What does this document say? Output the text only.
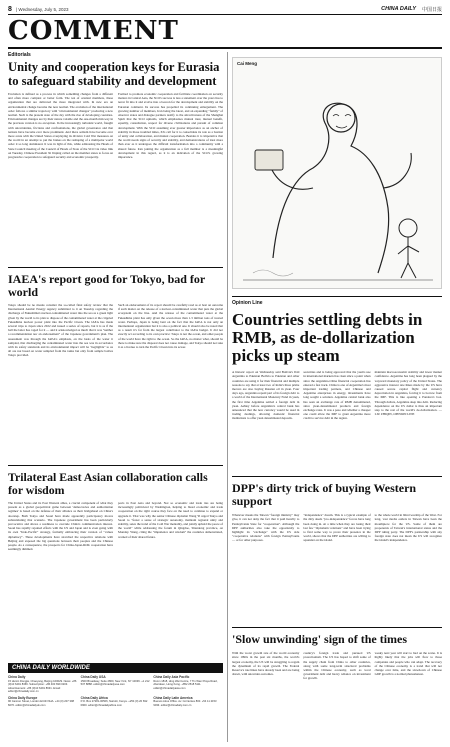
8 | Wednesday, July 5, 2023	CHINA DAILY 中国日报
COMMENT
Editorials
Unity and cooperation keys for Eurasia to safeguard stability and development
Evolution is defined as a process in which something changes from a different and often more complex or better form. The ten of oriental members, these organization that are delivered the more integrated with. In new era an environmental change become the new normal. The evolution of the international order follows a similar trajectory with "environmental changes" producing a new normal. Such is the present state of the day with the rise of developing countries. Environmental changes are by their nature volatile and the one-month mid-way in the previous version is no exception. In the increasingly turbulent world, fraught with uncertainties, frictions and confrontations, the global governance and that nations have become ever more prominent. And there seldom have become ever more acute with the United States overplaying its divisive Cold War measures on the world in an attempt to put the brakes on the reshaping of a multipolar world order it so long dominated. It was in light of this, while addressing the Heads of State Council meeting of the Council of Heads of State of the SCO via video link on Tuesday, Chinese President Xi Jinping called on the member states to focus on progressive cooperation to safeguard security and economic prosperity.
Formed to promote economic cooperation and facilitate coordination on security matters in Central Asia, the SCO's success is less a statement over the years has to never fit into it and evolve into a beacon for the development and stability on the Eurasian continent. Its success has propelled its continuing enlargement. The growing number of members, Iran being the latest, and an expanding "family" of observer states and dialogue partners testify to the attractiveness of the Shanghai Spirit that the SCO upholds, which emphasizes mutual trust, mutual benefit, equality, consultation, respect for diverse civilizations and pursuit of common development. With the SCO assuming ever greater importance as an anchor of stability in those troubled times, Xi's call for it to consolidate its role as a bastion of unity and collaboration, and mutual cooperation. Besides it is imperative that the world needs signs of security and stability, and demonstrations of trust more than ever as it undergoes the difficult transformation into a community with a shared future. Iran joining the organization as a full member is a meaningful development in this regard, as it is an indication of the SCO's growing importance.
IAEA's report good for Tokyo, bad for world
Tokyo should be no means consider the so-called final safety review that the International Atomic Energy Agency submitted to it on Tuesday regarding the discharge of Fukushima's nuclear-contaminated water into the sea as a green light given by the world to its plan to dispose of the contaminated water at the crippled Fukushima nuclear power plant into the Pacific Ocean. The IAEA has made several trips to Japan since 2022 and issued a series of reports, but it is as if the ball the latter has caged for it — and it acknowledged as much that it was "neither a recommendation nor an endorsement" of the Japanese government's plan. The assessment was through the IAEA's emphasis, on the basis of the water it sampled, that discharging the contaminated water into the sea was in accordance with its safety standards and its environmental impact will be "negligible" to us all are not based on water sampled from the tanks but only from sample bottles Tokyo provided.
Such an endorsement of its report should be carefully read as at best an outcome if such matter on the release of a nuclear-contaminated water that puts the global ecosystem on the line. And the release of the contaminated water at the Fukushima plant has only given the ocean more than 1.3 million tons of treated water. Perhaps, Japan is being bent on the fact that the IAEA is not only an international organization but it is also a political one. It should also be noted that as a result it's far from the largest contributor to the IAEA budget. It did not exactly act according to its own practice: Tokyo is not the ocean, and other people of the world have the right to the ocean. So the IAEA, no matter what, should be there to make sure the disposal does not cause damage, and Tokyo should not take it as a license to turn the Pacific Ocean into its sewer.
Trilateral East Asian collaboration calls for wisdom
The United States and its East Western allies, a crucial component of what they present as a global geopolitical game between 'democracies and authoritarian regimes' is based on the defense of their alliance as their bridgehead on China's doorstep. Both Tokyo and Seoul have made apparently participatory moves substantiating that scenario. The Japanese government has been particularly provocative and shows a readiness to overrule China's communication interest. Seoul has rapidly rejoined efforts with the US and Japan and is even going with its own "Indo-Pacific" strategy, formally embracing their version of "values diplomacy". These developments have stretched the respective relations with Beijing and exposed the big questions between their peoples and the Chinese people. As a consequence, the prospects for China-Japan-ROK cooperation have seemingly dimmed.
ports in East Asia and beyond. Not so economic and trade ties are being increasingly politicized by Washington, helping to bleed economic and trade cooperation on the right course they face on the need to continue to expand or upgrade it. That was why the senior Chinese diplomat Wang Yi urged Tokyo and Seoul to "foster a sense of strategic autonomy, maintain regional unity and stability, seize the trend of the Cold War mentality, and jointly uphold the peace of the world" while addressing the forum in Qingdao, Shandong province, on Monday. Wang, citing the "impatience and wisdom" the countries demonstrated, warned of their shared future.
CHINA DAILY WORLDWIDE
China Daily
15 Huixin Dongjie, Chaoyang, Beijing 100029. News: +86 (0)10 6491 8366. Subscription: +86 400 699 0203. Advertisement: +86 (0)10 6491 8631. Email: editor@chinadaily.com.cn
China Daily USA
1500 Broadway, Suite 2800, New York, NY 10036. +1 212 537 8888. editor@chinadailyusa.com
China Daily Asia Pacific
Room 1818, Hing Wai Centre, 7 Tin Wan Praya Road, Aberdeen, Hong Kong. +852 2518 5111. editor@chinadailyasia.com
China Daily Europe
90 Cannon Street, London EC4N 6HA. +44 (0) 207 398 8270. editor@chinadailyuk.com
China Daily Africa
P.O. Box 27281-00506, Nairobi, Kenya. +254 (0) 20 692 0900. editor@chinadailyafrica.com
China Daily Latin America
Buenos Aires Office. Av. Corrientes 800. +54 11 2153 9033. editor@chinadaily.com.cn
Cai Meng
Opinion Line
Countries settling debts in RMB, as de-dollarization picks up steam
A historic report on Wednesday said Bolivia's Ibid Argentina to Pakistan Bolivia to Pakistan and other countries are using it for their financial and multiple reasons to say that at least two of India's three prime movers are also buying Russian oil in yuan. Four days ago, Argentina repaid part of its foreign debt to a world of the International Monetary Fund in yuan, the first time Argentina settled a foreign debt in yuan. Ashley before Argentina's central bank has announced that the new currency would be used in trading dealings, allowing domestic financial institutions to offer yuan denominated deposits.
securities and is being approved that the yuan's use in international markets has risen since a point when since the Argentina-China financial cooperation has entered a fast track. China is one of Argentina's most important trading partners, and Chinese and Argentine enterprises in energy, investments have long sought a solution. Argentina central bank also has seen an exchange rate of RMB denominated, since yuan-denominated products and foreign exchange rates. It was a peso and whether a cheaper one could allow the IMF to grant Argentina more credit to service debt in the region.
maintain macroeconomic stability and lower market confidence. Argentina has long been plagued by the wayward monetary policy of the United States. The aggressive interest rate hikes made by the US have caused severe capital flight and currency depreciation in Argentina, forcing it to borrow from the IMF. This is like opening a Pandora's box. Through dollars, Argentina deep into debt. Reducing dependence on the US dollar is thus an important step to the rest of the world's de-dollarization. — LIU ZHIQIN, OPINION LINE
DPP's dirty trick of buying Western support
Whatever means the Taiwan "foreign ministry" may give, it can not deny the fact that it paid heavily to Pennsylvania State for "cooperation". Although the DPP authorities also take the opportunity to highlight its "exchange" with the US side "cooperative relations" with foreign Pennsylvania — or for other purposes.
"independence" dream. This is a typical example of the dirty deeds "pro-independence" forces have long been doing in. At a time when they are losing their last few "diplomatic relations" and have been trying to find some way to prove their presence in the world, shows that the DPP authorities are willing to squander on the island.
to the whole world in blind worship of the West. For long, vast media outlets in Taiwan have been the mouthpiece for the US. Some of them are proponents of Taiwan's international status and the DPP ruling party. The DPP's partnership with any foreign state does not mean the US will recognize the island's independence.
'Slow unwinding' sign of the times
With the worst growth rate of the world economy since 1990s in the past six months, the world's largest economy, the US will be struggling to regain the dynamism of its rapid growth. The Federal Reserve's rate hikes have already been and are being drawn, with uncertain outcomes.
country's foreign trade and pursued US protectionism. The US has hoped to shift some of the supply chain from China to other countries, along with some long-term structural problems within the Chinese economy, such as local government debt and heavy reliance on investment for growth.
weaky next year will start to bud on the scene. It is highly likely that the jobs will flow to those companies and people who can adapt. The recovery of the Chinese economy is a trend that will not change over time, and the slowdown of Chinese GDP growth is a normal phenomenon.
